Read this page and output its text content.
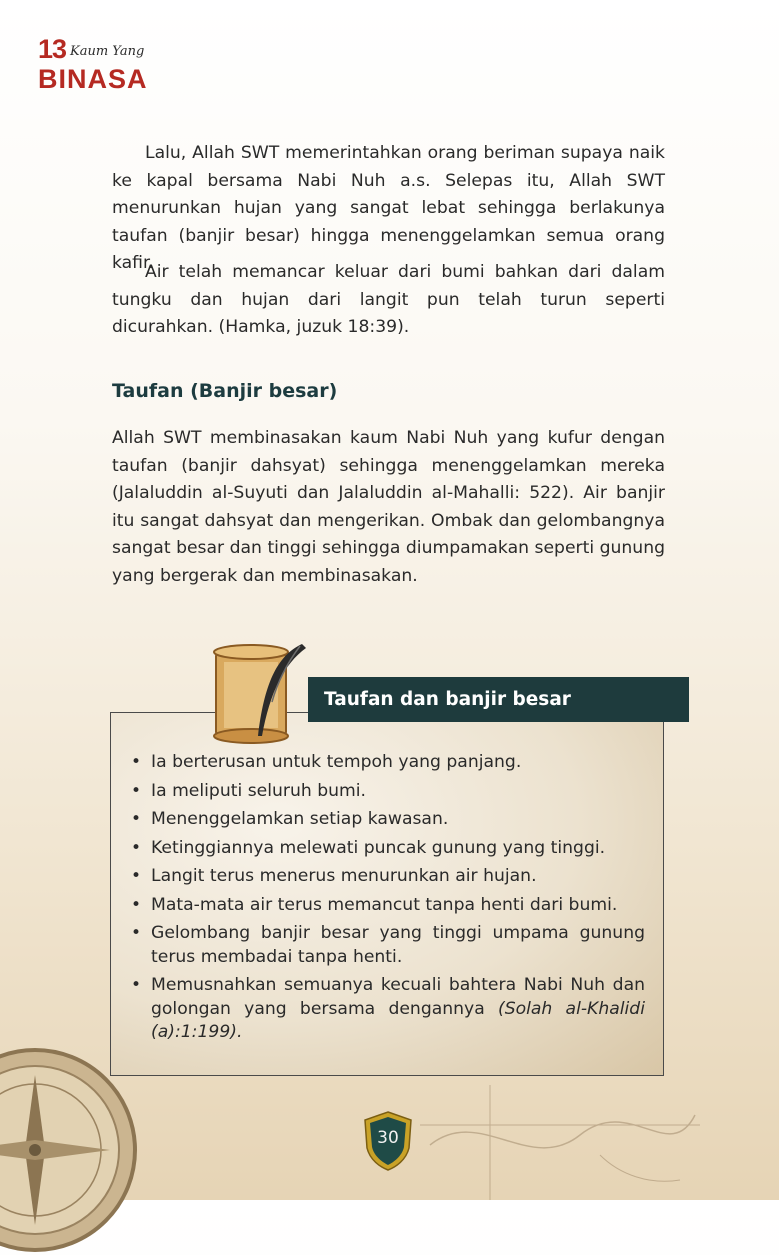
13 Kaum Yang
BINASA

Lalu, Allah SWT memerintahkan orang beriman supaya naik ke kapal bersama Nabi Nuh a.s. Selepas itu, Allah SWT menurunkan hujan yang sangat lebat sehingga berlakunya taufan (banjir besar) hingga menenggelamkan semua orang kafir.

Air telah memancar keluar dari bumi bahkan dari dalam tungku dan hujan dari langit pun telah turun seperti dicurahkan. (Hamka, juzuk 18:39).

Taufan (Banjir besar)

Allah SWT membinasakan kaum Nabi Nuh yang kufur dengan taufan (banjir dahsyat) sehingga menenggelamkan mereka (Jalaluddin al-Suyuti dan Jalaluddin al-Mahalli: 522). Air banjir itu sangat dahsyat dan mengerikan. Ombak dan gelombangnya sangat besar dan tinggi sehingga diumpamakan seperti gunung yang bergerak dan membinasakan.

Taufan dan banjir besar
• Ia berterusan untuk tempoh yang panjang.
• Ia meliputi seluruh bumi.
• Menenggelamkan setiap kawasan.
• Ketinggiannya melewati puncak gunung yang tinggi.
• Langit terus menerus menurunkan air hujan.
• Mata-mata air terus memancut tanpa henti dari bumi.
• Gelombang banjir besar yang tinggi umpama gunung terus membadai tanpa henti.
• Memusnahkan semuanya kecuali bahtera Nabi Nuh dan golongan yang bersama dengannya (Solah al-Khalidi (a):1:199).
30
